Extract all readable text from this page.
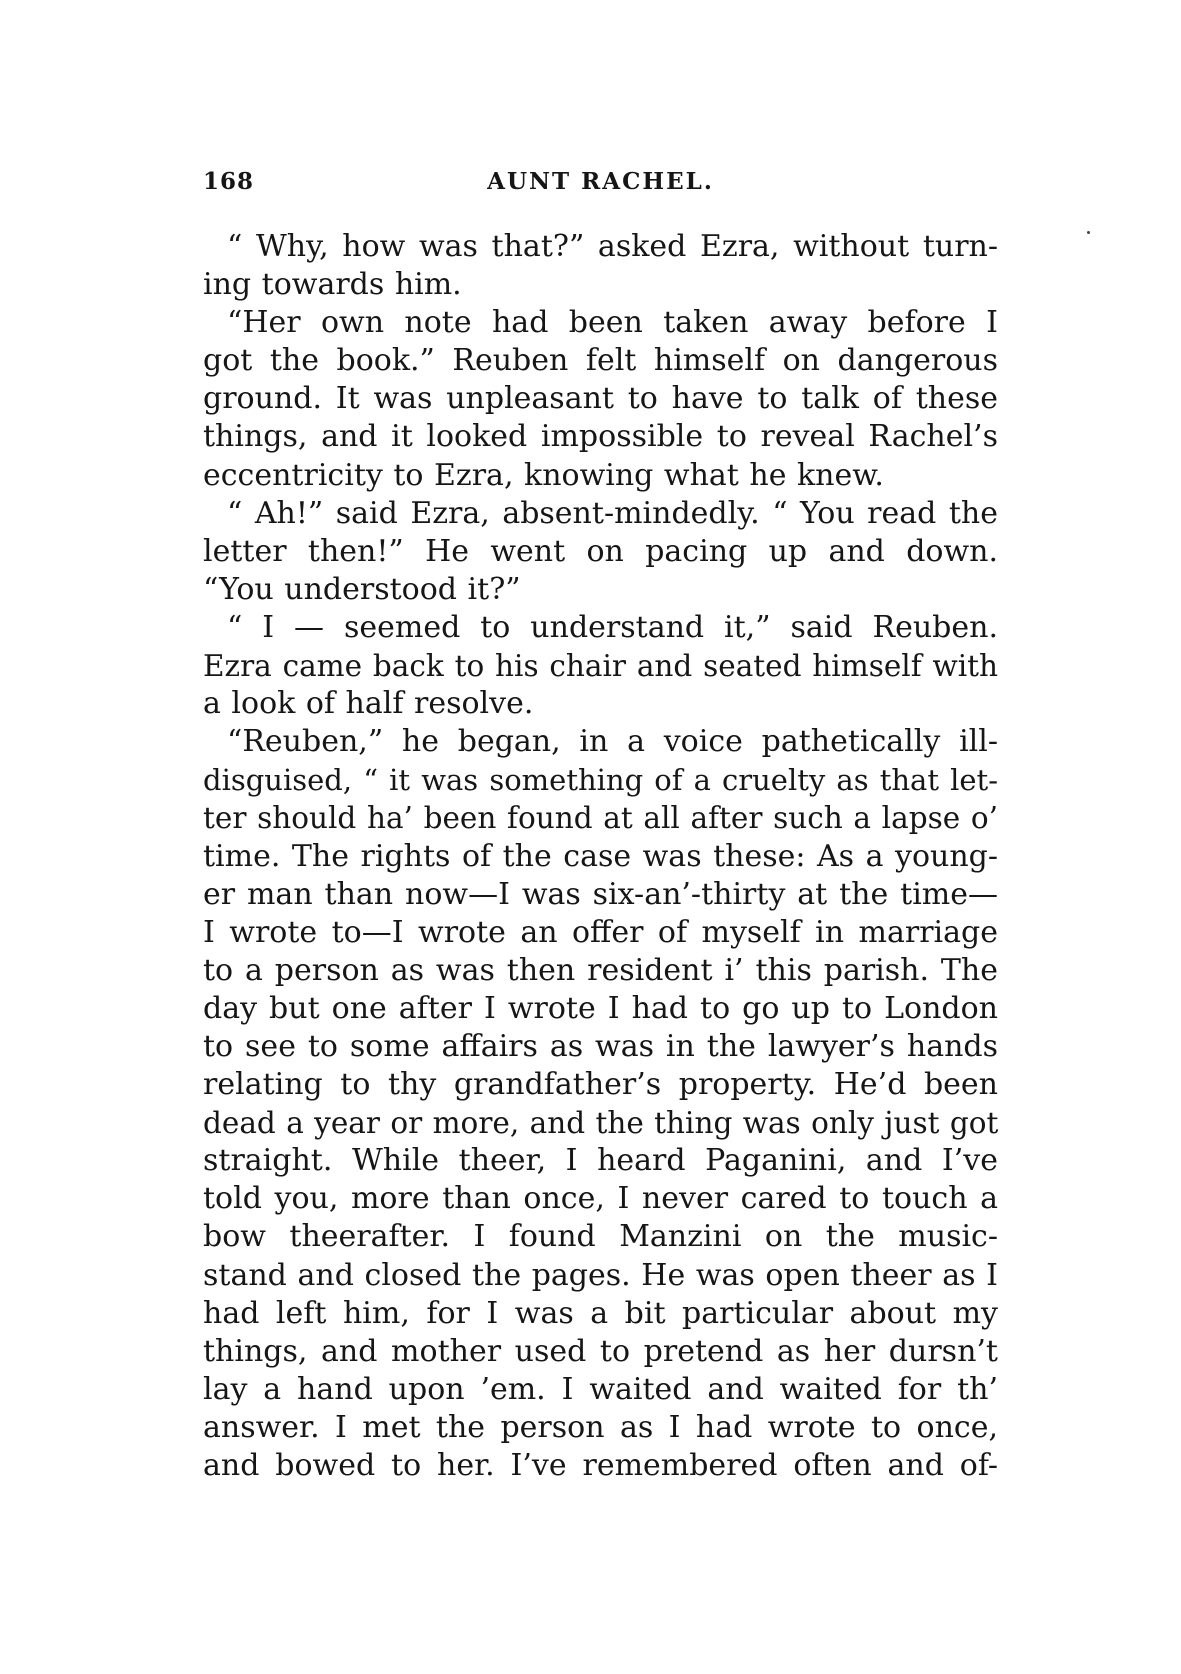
168	AUNT RACHEL.
“ Why, how was that?” asked Ezra, without turn-
ing towards him.
“Her own note had been taken away before I
got the book.” Reuben felt himself on dangerous
ground. It was unpleasant to have to talk of these
things, and it looked impossible to reveal Rachel’s
eccentricity to Ezra, knowing what he knew.
“ Ah!” said Ezra, absent-mindedly. “ You read the
letter then!” He went on pacing up and down.
“You understood it?”
“ I — seemed to understand it,” said Reuben.
Ezra came back to his chair and seated himself with
a look of half resolve.
“Reuben,” he began, in a voice pathetically ill-
disguised, “ it was something of a cruelty as that let-
ter should ha’ been found at all after such a lapse o’
time. The rights of the case was these: As a young-
er man than now—I was six-an’-thirty at the time—
I wrote to—I wrote an offer of myself in marriage
to a person as was then resident i’ this parish. The
day but one after I wrote I had to go up to London
to see to some affairs as was in the lawyer’s hands
relating to thy grandfather’s property. He’d been
dead a year or more, and the thing was only just got
straight. While theer, I heard Paganini, and I’ve
told you, more than once, I never cared to touch a
bow theerafter. I found Manzini on the music-
stand and closed the pages. He was open theer as I
had left him, for I was a bit particular about my
things, and mother used to pretend as her dursn’t
lay a hand upon ’em. I waited and waited for th’
answer. I met the person as I had wrote to once,
and bowed to her. I’ve remembered often and of-
